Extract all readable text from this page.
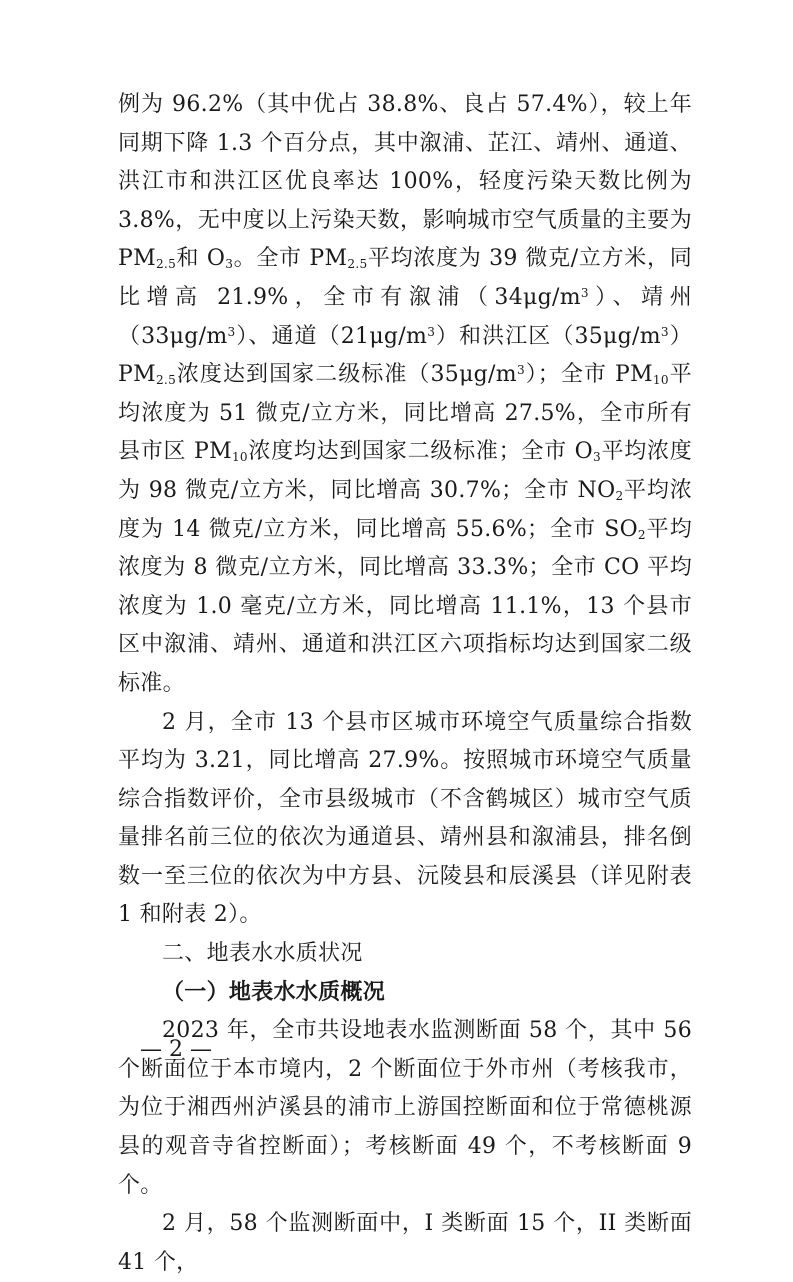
例为 96.2%（其中优占 38.8%、良占 57.4%），较上年同期下降 1.3 个百分点，其中溆浦、芷江、靖州、通道、洪江市和洪江区优良率达 100%，轻度污染天数比例为 3.8%，无中度以上污染天数，影响城市空气质量的主要为 $PM_{2.5}$和 $O_3$。全市 $PM_{2.5}$平均浓度为 39 微克/立方米，同比增高 21.9%，全市有溆浦$(34\mu g/m^3)$、靖州$(33\mu g/m^3)$、通道$(21\mu g/m^3)$和洪江区$(35\mu g/m^3)PM_{2.5}$浓度达到国家二级标准$(35\mu g/m^3)$；全市 $PM_{10}$平均浓度为 51 微克/立方米，同比增高 27.5%，全市所有县市区 $PM_{10}$浓度均达到国家二级标准；全市 $O_3$平均浓度为 98 微克/立方米，同比增高 30.7%；全市 $NO_2$平均浓度为 14 微克/立方米，同比增高 55.6%；全市 $SO_2$平均浓度为 8 微克/立方米，同比增高 33.3%；全市 CO 平均浓度为 1.0 毫克/立方米，同比增高 11.1%，13 个县市区中溆浦、靖州、通道和洪江区六项指标均达到国家二级标准。

2 月，全市 13 个县市区城市环境空气质量综合指数平均为 3.21，同比增高 27.9%。按照城市环境空气质量综合指数评价，全市县级城市（不含鹤城区）城市空气质量排名前三位的依次为通道县、靖州县和溆浦县，排名倒数一至三位的依次为中方县、沅陵县和辰溪县（详见附表 1 和附表 2）。

二、地表水水质状况

（一）地表水水质概况

2023 年，全市共设地表水监测断面 58 个，其中 56 个断面位于本市境内，2 个断面位于外市州（考核我市，为位于湘西州泸溪县的浦市上游国控断面和位于常德桃源县的观音寺省控断面）；考核断面 49 个，不考核断面 9 个。

2 月，58 个监测断面中，I 类断面 15 个，II 类断面 41 个，

— 2 —
